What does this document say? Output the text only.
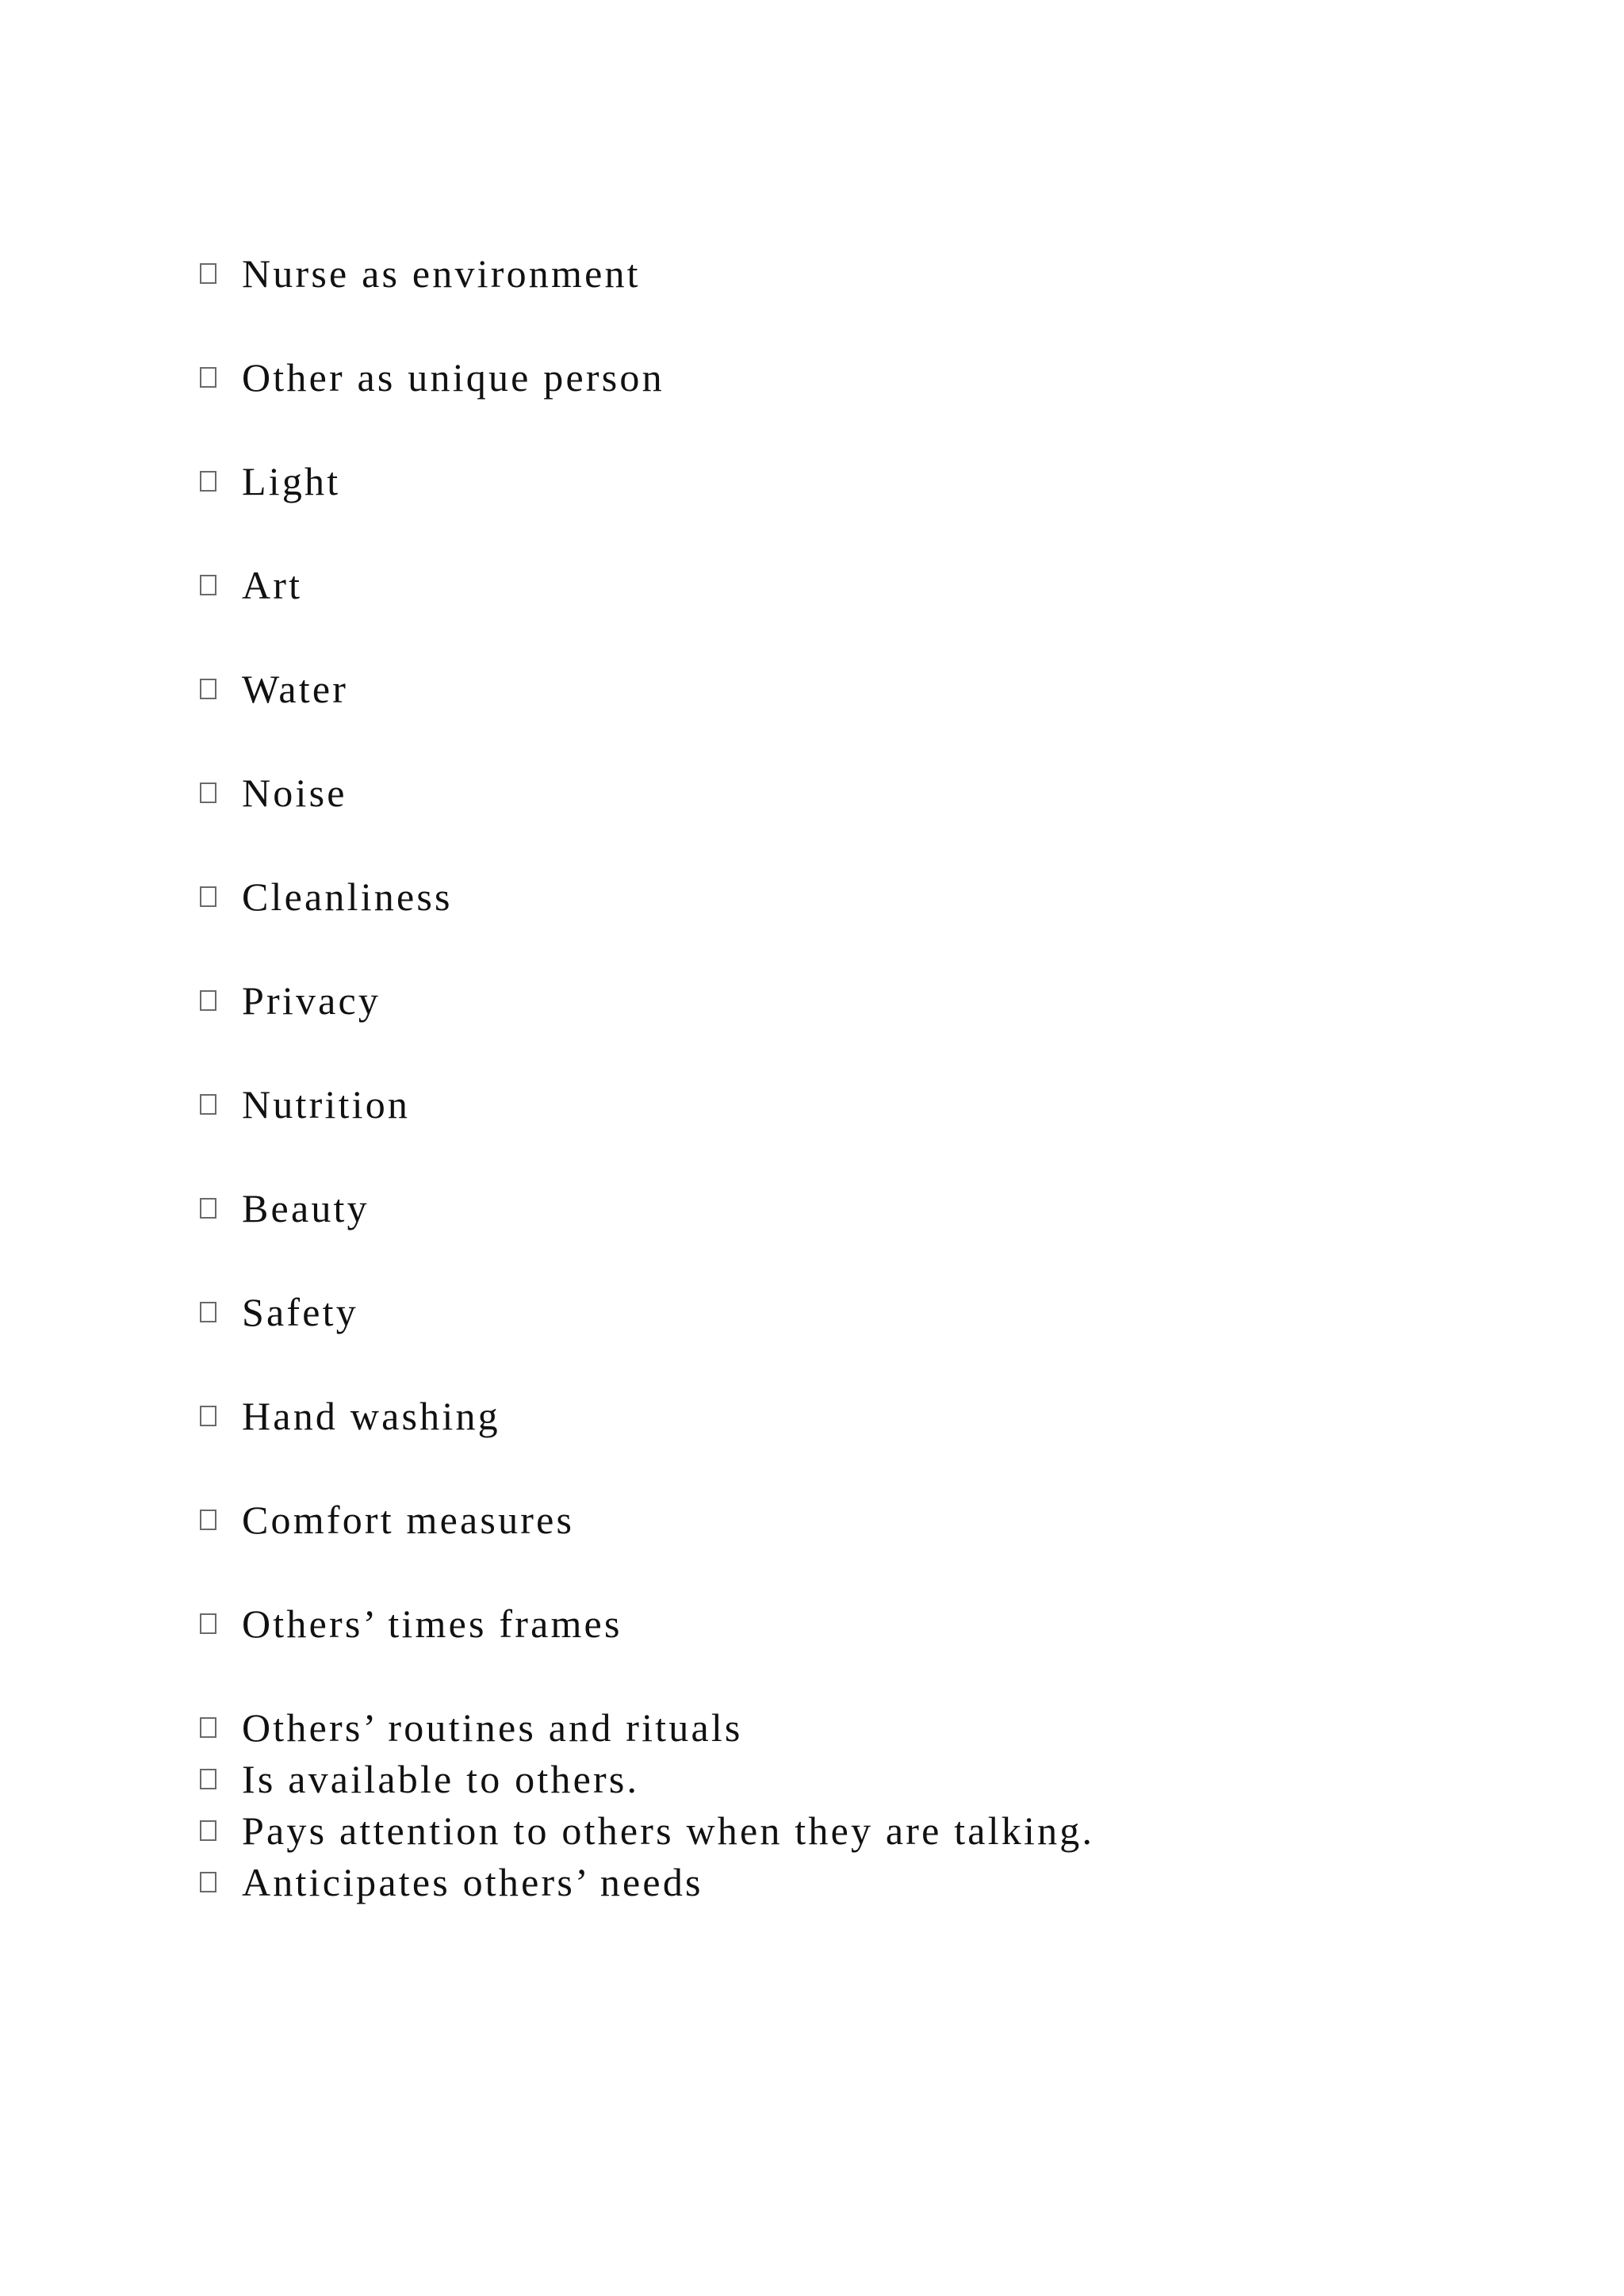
Nurse as environment
Other as unique person
Light
Art
Water
Noise
Cleanliness
Privacy
Nutrition
Beauty
Safety
Hand washing
Comfort measures
Others’ times frames
Others’ routines and rituals
Is available to others.
Pays attention to others when they are talking.
Anticipates others’ needs
